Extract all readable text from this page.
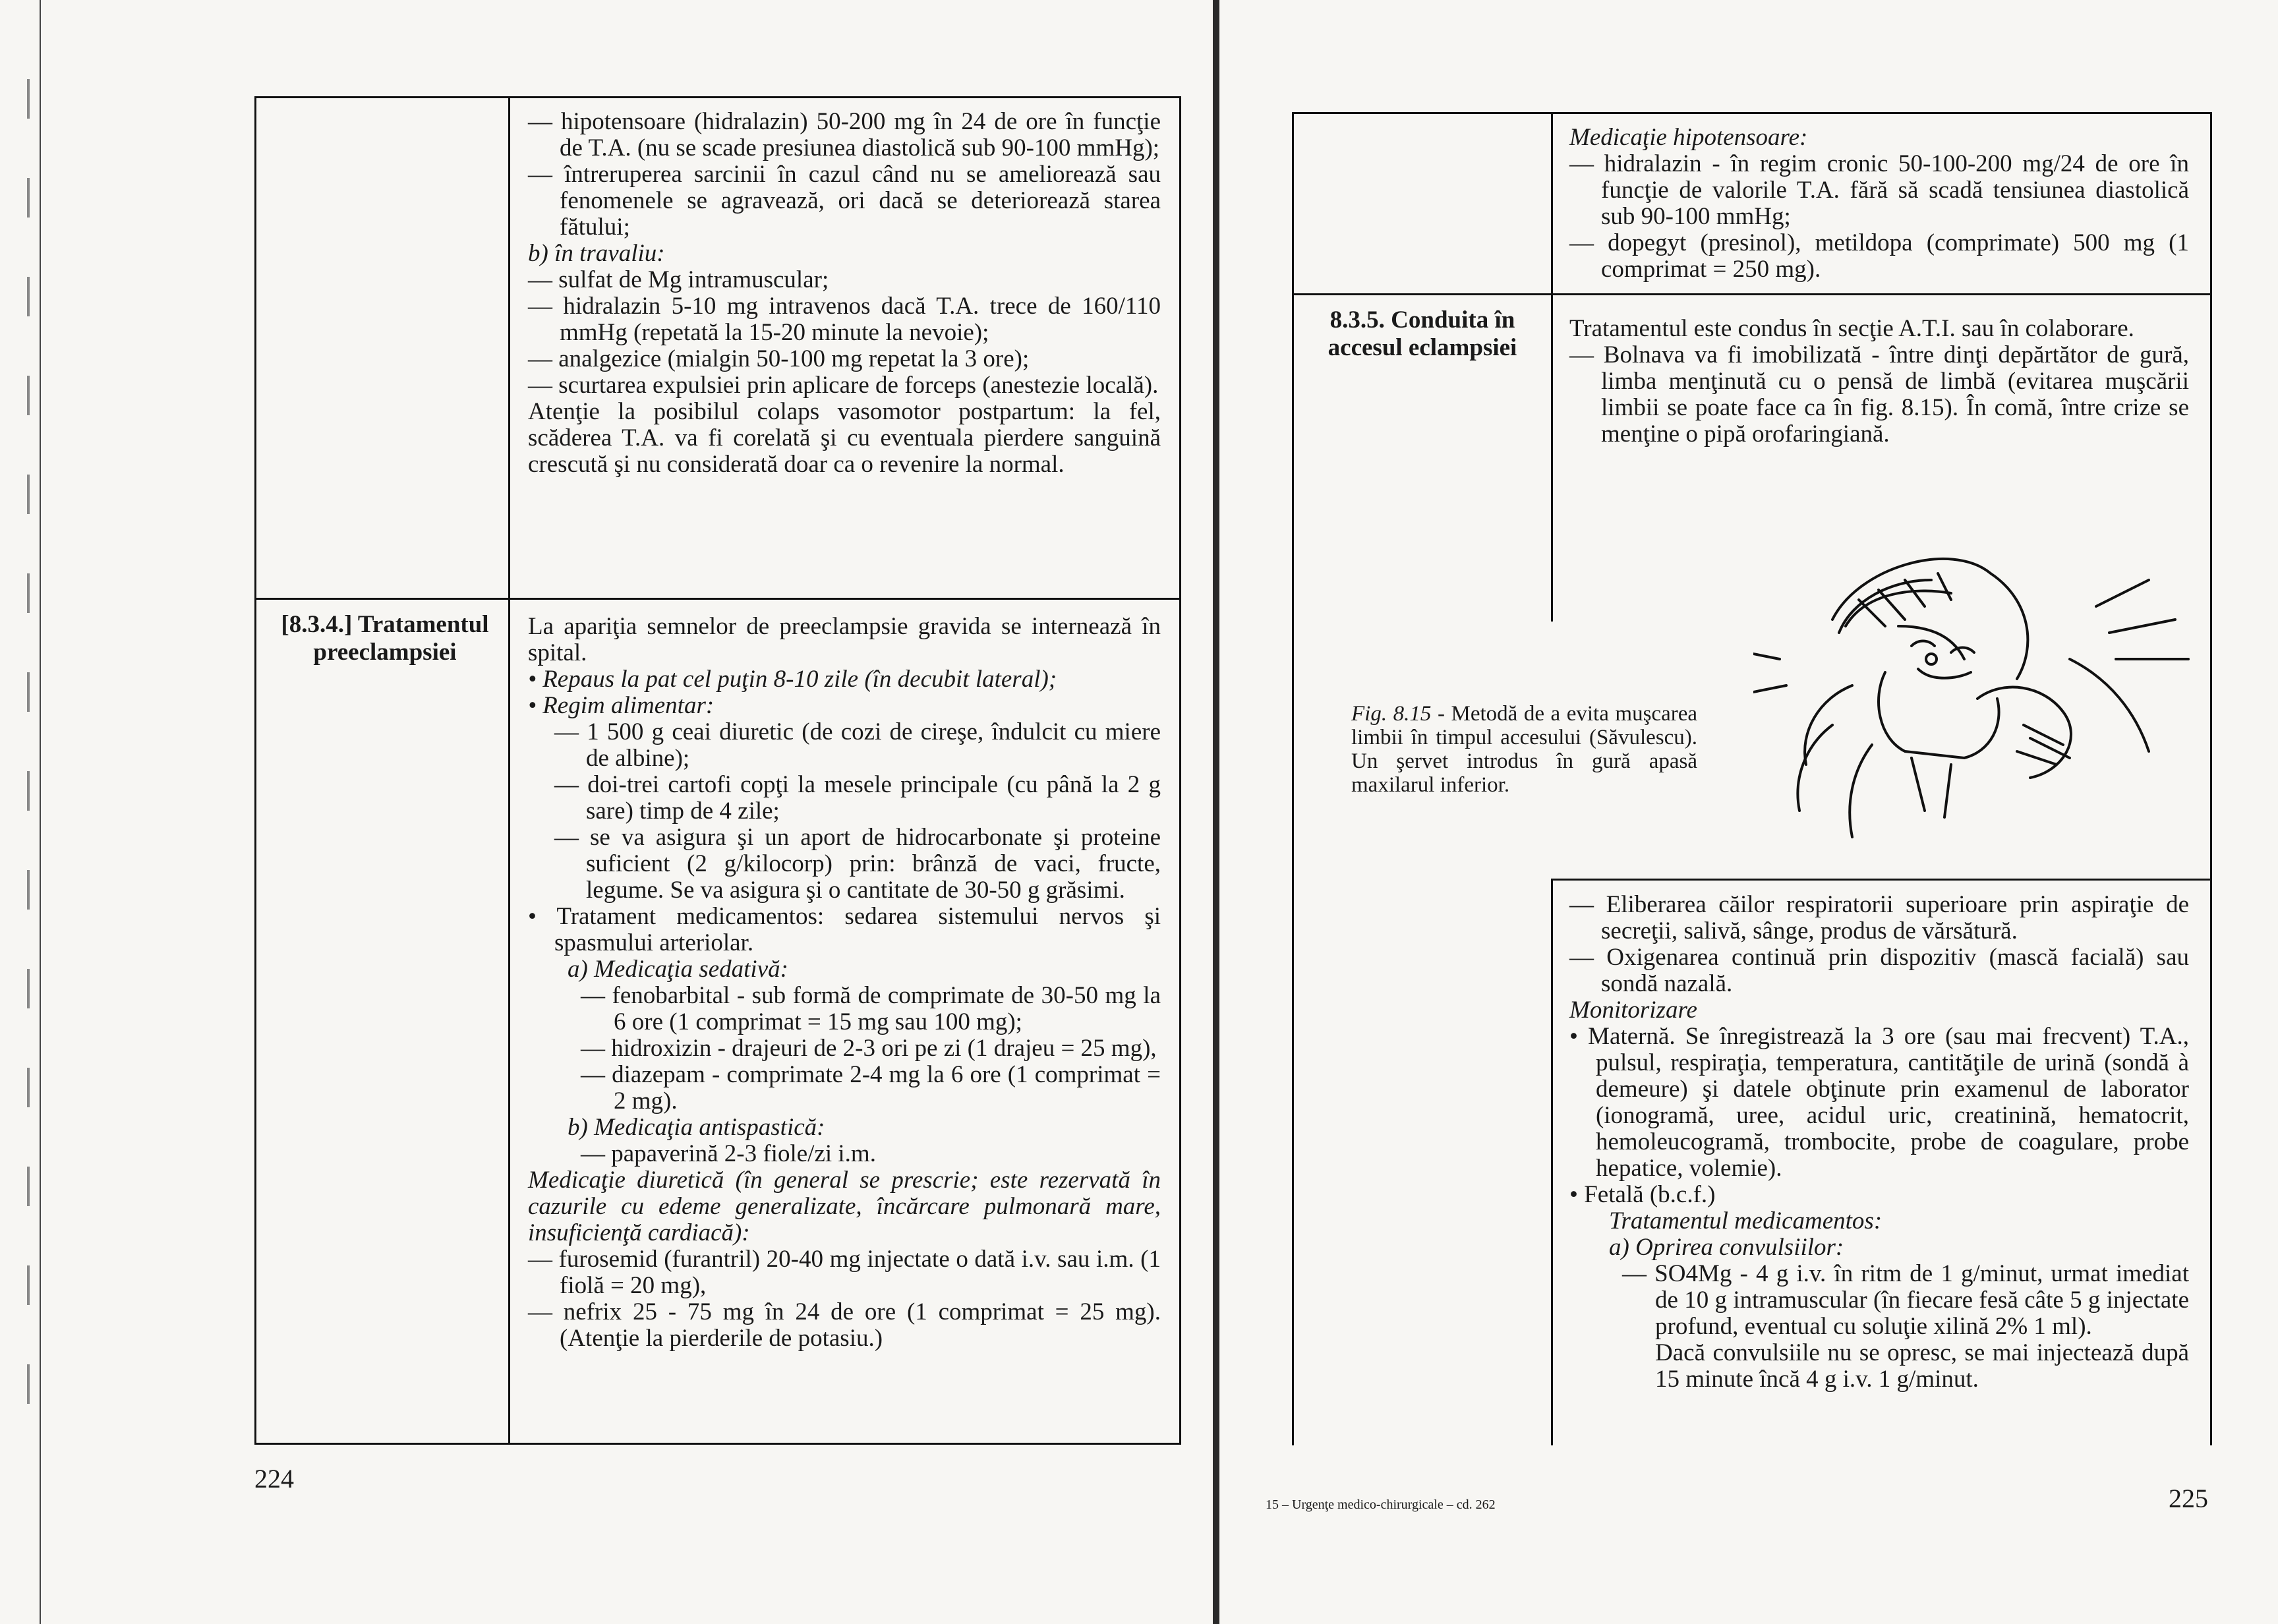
— hipotensoare (hidralazin) 50-200 mg în 24 de ore în funcţie de T.A. (nu se scade presiunea diastolică sub 90-100 mmHg);

— întreruperea sarcinii în cazul când nu se ameliorează sau fenomenele se agravează, ori dacă se deteriorează starea fătului;

b) în travaliu:

— sulfat de Mg intramuscular;

— hidralazin 5-10 mg intravenos dacă T.A. trece de 160/110 mmHg (repetată la 15-20 minute la nevoie);

— analgezice (mialgin 50-100 mg repetat la 3 ore);

— scurtarea expulsiei prin aplicare de forceps (anestezie locală).

Atenţie la posibilul colaps vasomotor postpartum: la fel, scăderea T.A. va fi corelată şi cu eventuala pierdere sanguină crescută şi nu considerată doar ca o revenire la normal.

[8.3.4.] Tratamentul preeclampsiei

La apariţia semnelor de preeclampsie gravida se internează în spital.

• Repaus la pat cel puţin 8-10 zile (în decubit lateral);

• Regim alimentar:

— 1 500 g ceai diuretic (de cozi de cireşe, îndulcit cu miere de albine);

— doi-trei cartofi copţi la mesele principale (cu până la 2 g sare) timp de 4 zile;

— se va asigura şi un aport de hidrocarbonate şi proteine suficient (2 g/kilocorp) prin: brânză de vaci, fructe, legume. Se va asigura şi o cantitate de 30-50 g grăsimi.

• Tratament medicamentos: sedarea sistemului nervos şi spasmului arteriolar.

a) Medicaţia sedativă:

— fenobarbital - sub formă de comprimate de 30-50 mg la 6 ore (1 comprimat = 15 mg sau 100 mg);

— hidroxizin - drajeuri de 2-3 ori pe zi (1 drajeu = 25 mg),

— diazepam - comprimate 2-4 mg la 6 ore (1 comprimat = 2 mg).

b) Medicaţia antispastică:

— papaverină 2-3 fiole/zi i.m.

Medicaţie diuretică (în general se prescrie; este rezervată în cazurile cu edeme generalizate, încărcare pulmonară mare, insuficienţă cardiacă):

— furosemid (furantril) 20-40 mg injectate o dată i.v. sau i.m. (1 fiolă = 20 mg),

— nefrix 25 - 75 mg în 24 de ore (1 comprimat = 25 mg). (Atenţie la pierderile de potasiu.)

224

Medicaţie hipotensoare:

— hidralazin - în regim cronic 50-100-200 mg/24 de ore în funcţie de valorile T.A. fără să scadă tensiunea diastolică sub 90-100 mmHg;

— dopegyt (presinol), metildopa (comprimate) 500 mg (1 comprimat = 250 mg).

8.3.5. Conduita în accesul eclampsiei

Tratamentul este condus în secţie A.T.I. sau în colaborare.

— Bolnava va fi imobilizată - între dinţi depărtător de gură, limba menţinută cu o pensă de limbă (evitarea muşcării limbii se poate face ca în fig. 8.15). În comă, între crize se menţine o pipă orofaringiană.

— Eliberarea căilor respiratorii superioare prin aspiraţie de secreţii, salivă, sânge, produs de vărsătură.

— Oxigenarea continuă prin dispozitiv (mască facială) sau sondă nazală.

Monitorizare

• Maternă. Se înregistrează la 3 ore (sau mai frecvent) T.A., pulsul, respiraţia, temperatura, cantităţile de urină (sondă à demeure) şi datele obţinute prin examenul de laborator (ionogramă, uree, acidul uric, creatinină, hematocrit, hemoleucogramă, trombocite, probe de coagulare, probe hepatice, volemie).

• Fetală (b.c.f.)

Tratamentul medicamentos:

a) Oprirea convulsiilor:

— SO4Mg - 4 g i.v. în ritm de 1 g/minut, urmat imediat de 10 g intramuscular (în fiecare fesă câte 5 g injectate profund, eventual cu soluţie xilină 2% 1 ml).

Dacă convulsiile nu se opresc, se mai injectează după 15 minute încă 4 g i.v. 1 g/minut.

Fig. 8.15 - Metodă de a evita muşcarea limbii în timpul accesului (Săvulescu). Un şervet introdus în gură apasă maxilarul inferior.
15 – Urgenţe medico-chirurgicale – cd. 262	225
